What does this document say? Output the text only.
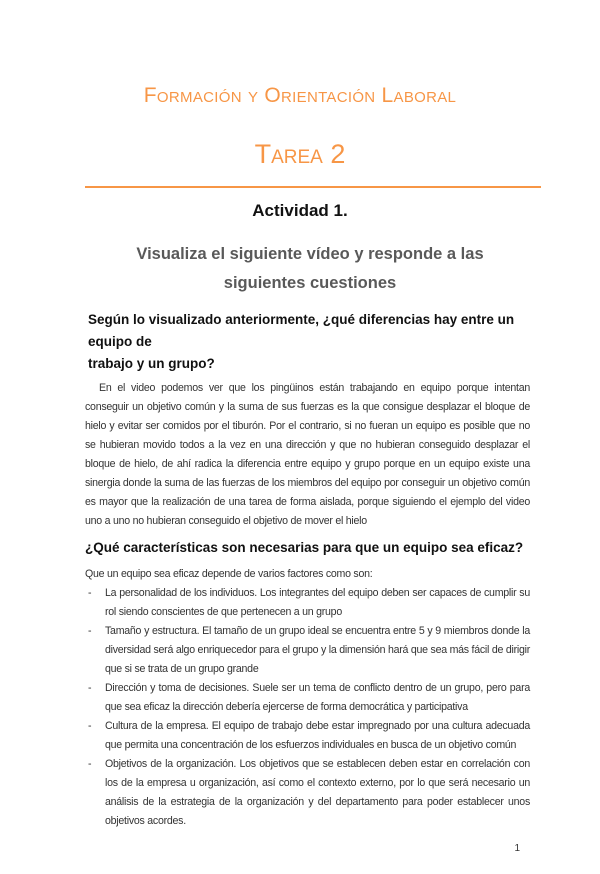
Formación y Orientación Laboral
Tarea 2
Actividad 1.
Visualiza el siguiente vídeo y responde a las siguientes cuestiones
Según lo visualizado anteriormente, ¿qué diferencias hay entre un equipo de
trabajo y un grupo?

En el video podemos ver que los pingüinos están trabajando en equipo porque intentan conseguir un objetivo común y la suma de sus fuerzas es la que consigue desplazar el bloque de hielo y evitar ser comidos por el tiburón. Por el contrario, si no fueran un equipo es posible que no se hubieran movido todos a la vez en una dirección y que no hubieran conseguido desplazar el bloque de hielo, de ahí radica la diferencia entre equipo y grupo porque en un equipo existe una sinergia donde la suma de las fuerzas de los miembros del equipo por conseguir un objetivo común es mayor que la realización de una tarea de forma aislada, porque siguiendo el ejemplo del video uno a uno no hubieran conseguido el objetivo de mover el hielo

¿Qué características son necesarias para que un equipo sea eficaz?

Que un equipo sea eficaz depende de varios factores como son:

- La personalidad de los individuos. Los integrantes del equipo deben ser capaces de cumplir su rol siendo conscientes de que pertenecen a un grupo
- Tamaño y estructura. El tamaño de un grupo ideal se encuentra entre 5 y 9 miembros donde la diversidad será algo enriquecedor para el grupo y la dimensión hará que sea más fácil de dirigir que si se trata de un grupo grande
- Dirección y toma de decisiones. Suele ser un tema de conflicto dentro de un grupo, pero para que sea eficaz la dirección debería ejercerse de forma democrática y participativa
- Cultura de la empresa. El equipo de trabajo debe estar impregnado por una cultura adecuada que permita una concentración de los esfuerzos individuales en busca de un objetivo común
- Objetivos de la organización. Los objetivos que se establecen deben estar en correlación con los de la empresa u organización, así como el contexto externo, por lo que será necesario un análisis de la estrategia de la organización y del departamento para poder establecer unos objetivos acordes.
1
